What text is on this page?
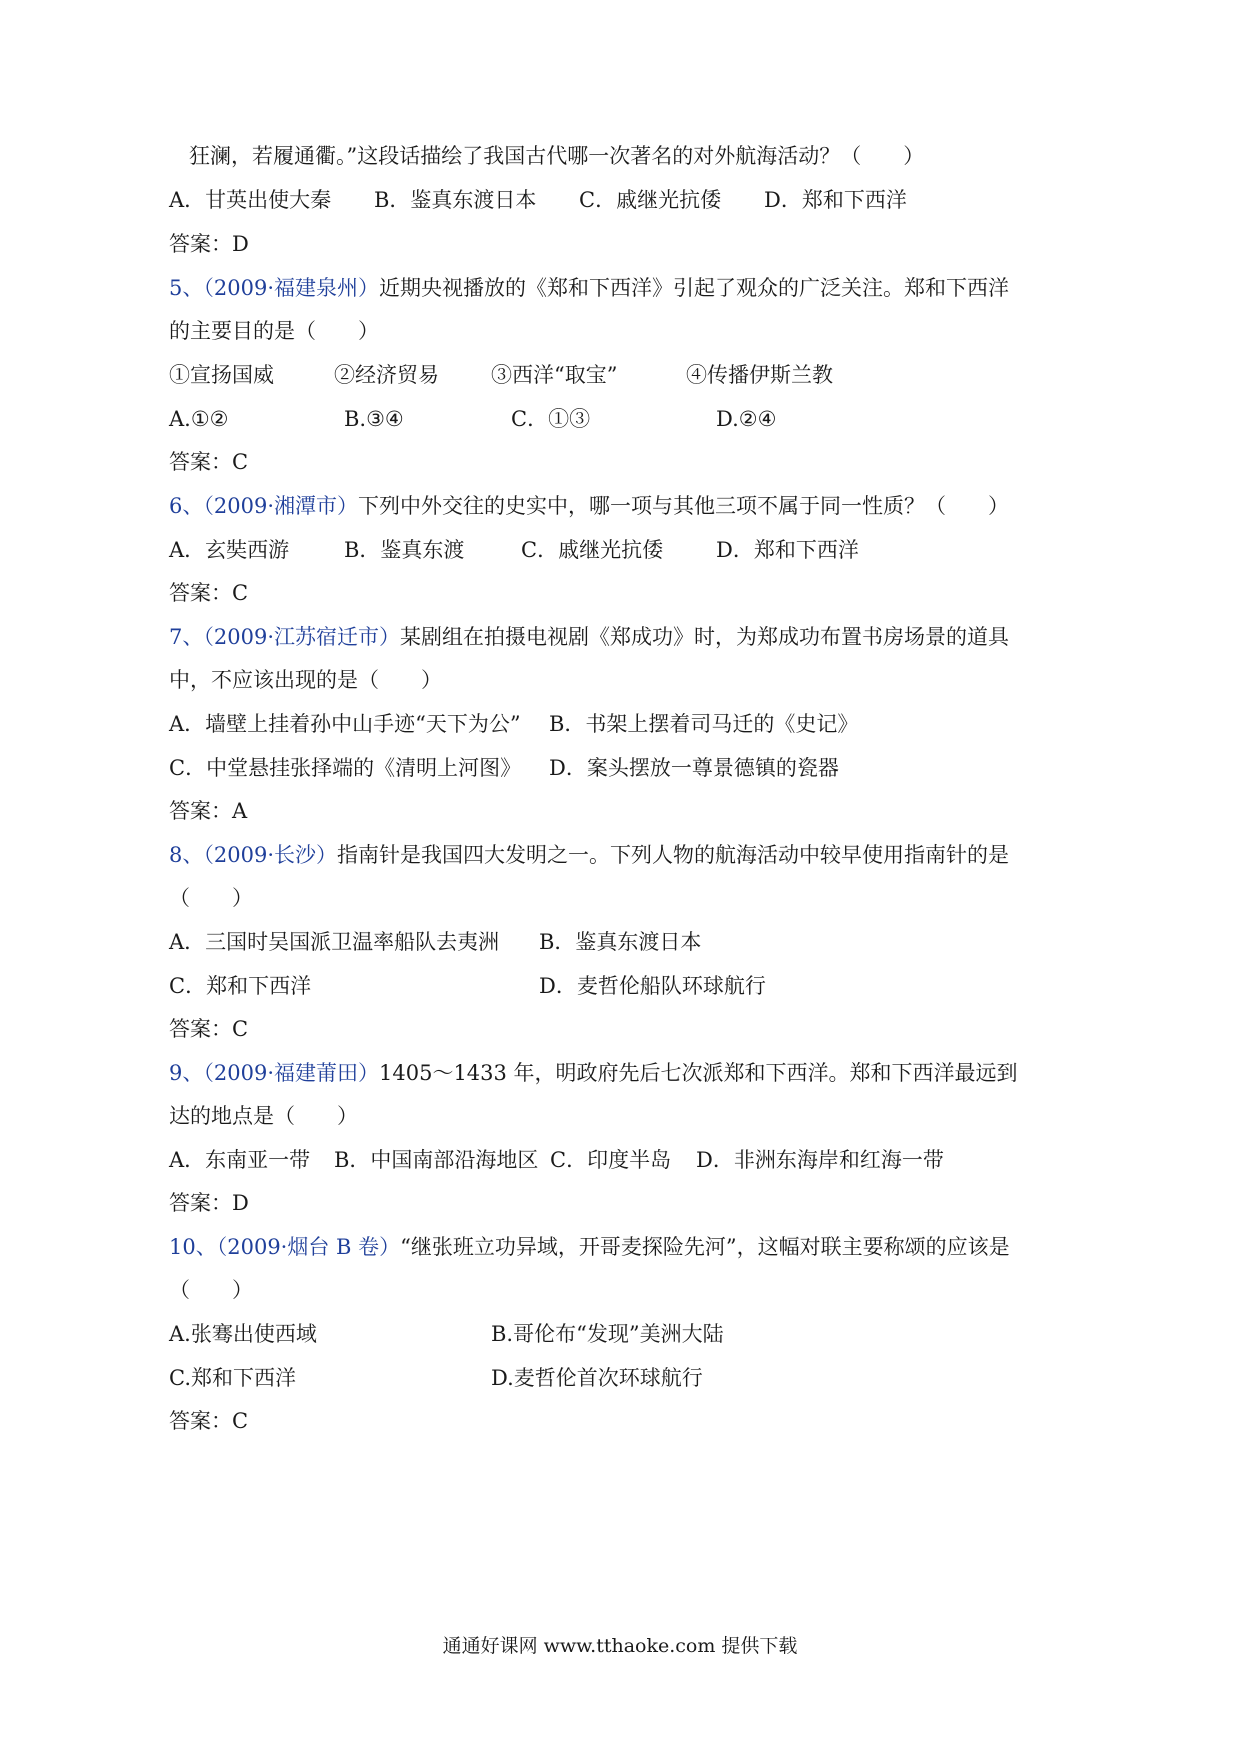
狂澜，若履通衢。”这段话描绘了我国古代哪一次著名的对外航海活动？（　　）
A．甘英出使大秦 B．鉴真东渡日本 C．戚继光抗倭 D．郑和下西洋
答案：D
5、（2009·福建泉州）近期央视播放的《郑和下西洋》引起了观众的广泛关注。郑和下西洋
的主要目的是（　　）
①宣扬国威	②经济贸易 ③西洋“取宝”	④传播伊斯兰教
A.①②	B.③④	C．①③	D.②④
答案：C
6、（2009·湘潭市）下列中外交往的史实中，哪一项与其他三项不属于同一性质？（　　）
A．玄奘西游	B．鉴真东渡	C．戚继光抗倭	D．郑和下西洋
答案：C
7、（2009·江苏宿迁市）某剧组在拍摄电视剧《郑成功》时，为郑成功布置书房场景的道具
中，不应该出现的是（　　）
A．墙壁上挂着孙中山手迹“天下为公” B．书架上摆着司马迁的《史记》
C．中堂悬挂张择端的《清明上河图》 D．案头摆放一尊景德镇的瓷器
答案：A
8、（2009·长沙）指南针是我国四大发明之一。下列人物的航海活动中较早使用指南针的是
（　　）
A．三国时吴国派卫温率船队去夷洲 B．鉴真东渡日本
C．郑和下西洋	D．麦哲伦船队环球航行
答案：C
9、（2009·福建莆田）1405～1433 年，明政府先后七次派郑和下西洋。郑和下西洋最远到
达的地点是（　　）
A．东南亚一带 B．中国南部沿海地区 C．印度半岛 D．非洲东海岸和红海一带
答案：D
10、（2009·烟台 B 卷）“继张班立功异域，开哥麦探险先河”，这幅对联主要称颂的应该是
（　　）
A.张骞出使西域	B.哥伦布“发现”美洲大陆
C.郑和下西洋	D.麦哲伦首次环球航行
答案：C
通通好课网 www.tthaoke.com 提供下载
